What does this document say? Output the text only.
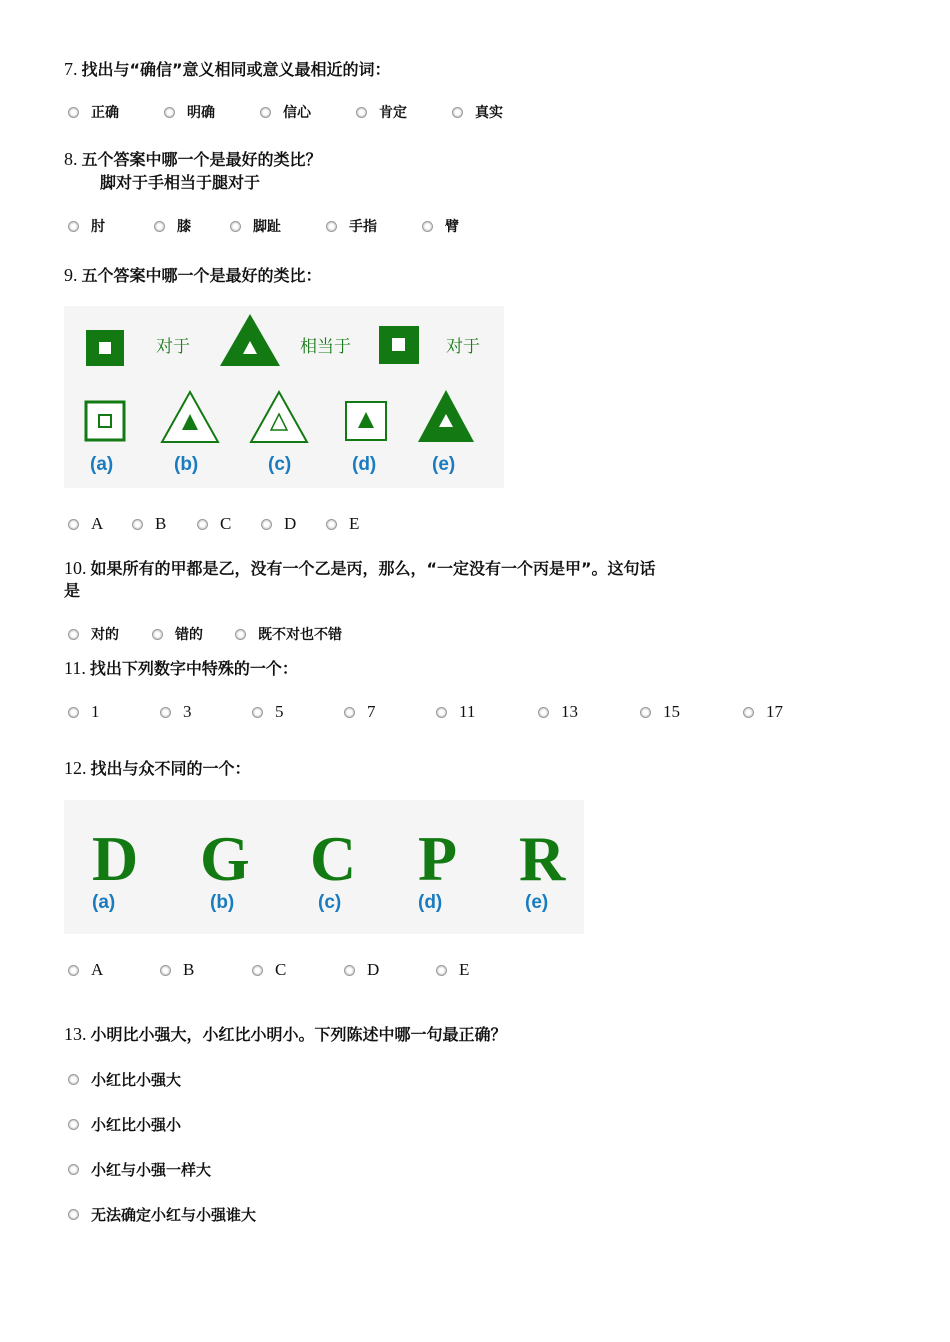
7. 找出与“确信”意义相同或意义最相近的词：
正确	明确	信心	肯定	真实
8. 五个答案中哪一个是最好的类比？
脚对于手相当于腿对于
肘	膝	脚趾	手指	臂
9. 五个答案中哪一个是最好的类比：
对于	相当于	对于
(a)	(b)	(c)	(d)	(e)
A	B	C	D	E
10. 如果所有的甲都是乙，没有一个乙是丙，那么，“一定没有一个丙是甲”。这句话
是
对的	错的	既不对也不错
11. 找出下列数字中特殊的一个：
1	3	5	7	11	13	15	17
12. 找出与众不同的一个：
D G C P R
(a)	(b)	(c)	(d)	(e)
A	B	C	D	E
13. 小明比小强大，小红比小明小。下列陈述中哪一句最正确？
小红比小强大
小红比小强小
小红与小强一样大
无法确定小红与小强谁大
